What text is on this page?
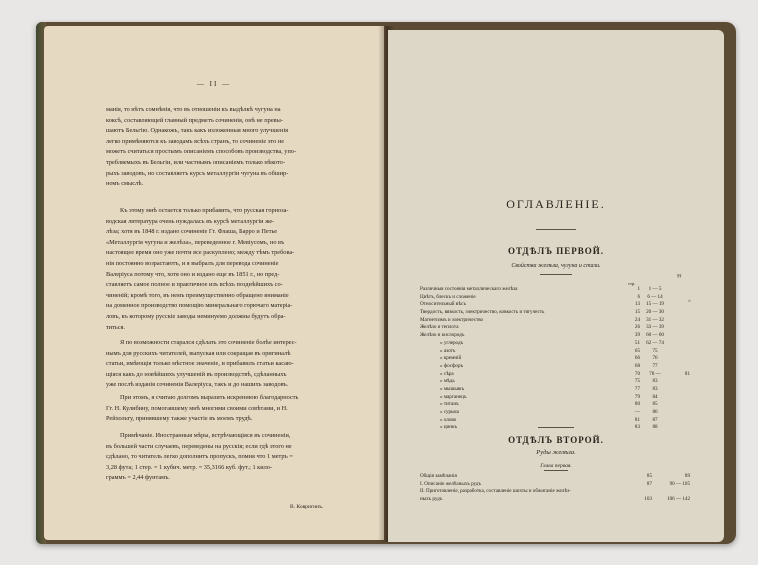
— II —
манія, то нѣтъ сомнѣнія, что въ отношеніи къ выдѣлкѣ чугуна на
коксѣ, составляющей главный предметъ сочиненія, онѣ не превы-
шаютъ Бельгію. Однакожъ, такъ какъ изложенныя много улучшенія
легко примѣняются къ заводамъ всѣхъ странъ, то сочиненіе это не
можетъ считаться простымъ описаніемъ способовъ производства, упо-
требляемыхъ въ Бельгіи, или частнымъ описаніемъ только нѣкото-
рыхъ заводовъ, но составляетъ курсъ металлургіи чугуна въ обшир-
номъ смыслѣ.
Къ этому мнѣ остается только прибавить, что русская горноза-
водская литература очень нуждалась въ курсѣ металлургіи же-
лѣза; хотя въ 1848 г. издано сочиненіе Гг. Флаша, Барро и Петье
«Металлургія чугуна и желѣза», переведенное г. Мевіусомъ, но въ
настоящее время оно уже почти все раскуплено; между тѣмъ требова-
нія постоянно возрастаютъ, и я выбралъ для перевода сочиненіе
Валеріуса потому что, хотя оно и издано еще въ 1851 г., но пред-
ставляетъ самое полное и практичное изъ всѣхъ позднѣйшихъ со-
чиненій; кромѣ того, въ немъ преимущественно обращено вниманіе
на доменное производство помощію минеральнаго горючаго матеріа-
ловъ, къ которому русскіе заводы неминуемо должны будутъ обра-
титься.
Я по возможности старался сдѣлать это сочиненіе болѣе интерес-
нымъ для русскихъ читателей, выпуская или сокращая въ оригиналѣ
статьи, имѣющія только мѣстное значеніе, и прибавилъ статьи касаю-
щіяся какъ до новѣйшихъ улучшеній въ производствѣ, сдѣланныхъ
уже послѣ изданія сочиненія Валеріуса, такъ и до нашихъ заводовъ.
При этомъ, я считаю долгомъ выразить искреннюю благодарность
Гг. Н. Кулибину, помогавшему мнѣ многими своими совѣтами, и Н.
Рейхольту, принявшему также участіе въ моемъ трудѣ.
Примѣчаніе. Иностранныя мѣры, встрѣчающіяся въ сочиненіи,
въ большей части случаевъ, переведены на русскія; если гдѣ этого не
сдѣлано, то читатель легко дополнитъ пропускъ, помня что 1 метръ =
3,28 фута; 1 стер. = 1 кубич. метр. = 35,3166 куб. фут.; 1 кило-
граммъ = 2,44 фунтамъ.
В. Ковригинъ.
ОГЛАВЛЕНІЕ.
ОТДѢЛЪ ПЕРВОЙ.
Свойства желѣза, чугуна и стали.
стр.
§§
Различныя состоянія металлическаго желѣза	1	1 — 5
Цвѣтъ, блескъ и сложеніе	6	6 — 14
Относительный вѣсъ	13	15 — 19
Твердость, вязкость, электричество, ковкость и тягучесть	15	20 — 30
Магнетизмъ и электричество	24	31 — 32
Желѣзо и теплота	26	33 — 39
Желѣзо и кислородъ	39	60 — 60
» углеродъ	51	62 — 74
» азотъ	65	75
» кремній	66	76
» фосфоръ	68	77
» сѣра	70	78 —	81
» мѣдь	75	83
» мышьякъ	77	83
» марганецъ	79	84
» титанъ	80	85
» сурьма	—	86
» олово	81	87
» цинкъ	83	88
»
ОТДѢЛЪ ВТОРОЙ.
Руды желѣза.
Глава первая.
Общія замѣчанія	85	89
I. Описаніе желѣзныхъ рудъ	87	90 — 105
II. Приготовленіе, разработка, составленіе шихты и обжиганіе желѣз-
ныхъ рудъ	103	106 — 142
